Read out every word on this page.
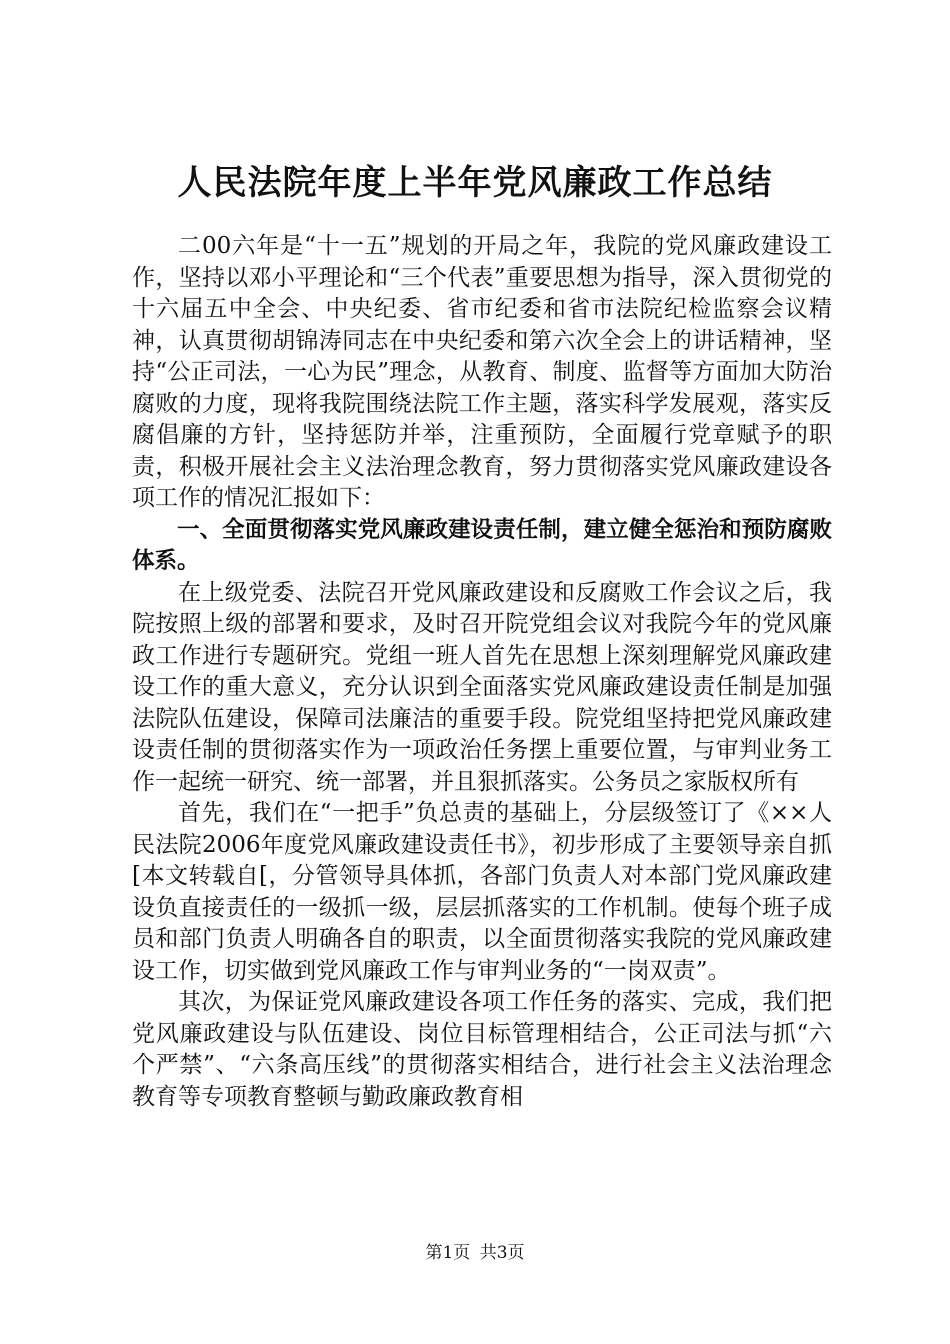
人民法院年度上半年党风廉政工作总结

二00六年是“十一五”规划的开局之年，我院的党风廉政建设工作，坚持以邓小平理论和“三个代表”重要思想为指导，深入贯彻党的十六届五中全会、中央纪委、省市纪委和省市法院纪检监察会议精神，认真贯彻胡锦涛同志在中央纪委和第六次全会上的讲话精神，坚持“公正司法，一心为民”理念，从教育、制度、监督等方面加大防治腐败的力度，现将我院围绕法院工作主题，落实科学发展观，落实反腐倡廉的方针，坚持惩防并举，注重预防，全面履行党章赋予的职责，积极开展社会主义法治理念教育，努力贯彻落实党风廉政建设各项工作的情况汇报如下：

一、全面贯彻落实党风廉政建设责任制，建立健全惩治和预防腐败体系。

在上级党委、法院召开党风廉政建设和反腐败工作会议之后，我院按照上级的部署和要求，及时召开院党组会议对我院今年的党风廉政工作进行专题研究。党组一班人首先在思想上深刻理解党风廉政建设工作的重大意义，充分认识到全面落实党风廉政建设责任制是加强法院队伍建设，保障司法廉洁的重要手段。院党组坚持把党风廉政建设责任制的贯彻落实作为一项政治任务摆上重要位置，与审判业务工作一起统一研究、统一部署，并且狠抓落实。公务员之家版权所有

首先，我们在“一把手”负总责的基础上，分层级签订了《××人民法院2006年度党风廉政建设责任书》，初步形成了主要领导亲自抓[本文转载自[，分管领导具体抓，各部门负责人对本部门党风廉政建设负直接责任的一级抓一级，层层抓落实的工作机制。使每个班子成员和部门负责人明确各自的职责，以全面贯彻落实我院的党风廉政建设工作，切实做到党风廉政工作与审判业务的“一岗双责”。

其次，为保证党风廉政建设各项工作任务的落实、完成，我们把党风廉政建设与队伍建设、岗位目标管理相结合，公正司法与抓“六个严禁”、“六条高压线”的贯彻落实相结合，进行社会主义法治理念教育等专项教育整顿与勤政廉政教育相

第1页 共3页
